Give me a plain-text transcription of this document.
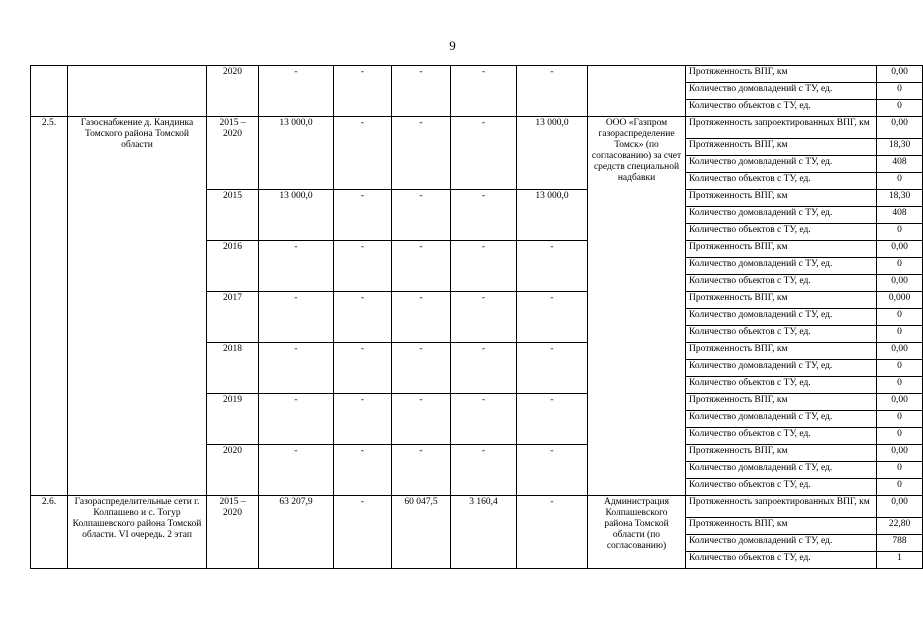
9
		2020	-	-	-	-	-		Протяженность ВПГ, км	0,00
									Количество домовладений с ТУ, ед.	0
									Количество объектов с ТУ, ед.	0
2.5.	Газоснабжение д. Кандинка Томского района Томской области	2015 – 2020	13 000,0	-	-	-	13 000,0	ООО «Газпром газораспределение Томск» (по согласованию) за счет средств специальной надбавки	Протяженность запроектированных ВПГ, км	0,00
									Протяженность ВПГ, км	18,30
									Количество домовладений с ТУ, ед.	408
									Количество объектов с ТУ, ед.	0
		2015	13 000,0	-	-	-	13 000,0		Протяженность ВПГ, км	18,30
									Количество домовладений с ТУ, ед.	408
									Количество объектов с ТУ, ед.	0
		2016	-	-	-	-	-		Протяженность ВПГ, км	0,00
									Количество домовладений с ТУ, ед.	0
									Количество объектов с ТУ, ед.	0,00
		2017	-	-	-	-	-		Протяженность ВПГ, км	0,000
									Количество домовладений с ТУ, ед.	0
									Количество объектов с ТУ, ед.	0
		2018	-	-	-	-	-		Протяженность ВПГ, км	0,00
									Количество домовладений с ТУ, ед.	0
									Количество объектов с ТУ, ед.	0
		2019	-	-	-	-	-		Протяженность ВПГ, км	0,00
									Количество домовладений с ТУ, ед.	0
									Количество объектов с ТУ, ед.	0
		2020	-	-	-	-	-		Протяженность ВПГ, км	0,00
									Количество домовладений с ТУ, ед.	0
									Количество объектов с ТУ, ед.	0
2.6.	Газораспределительные сети г. Колпашево и с. Тогур Колпашевского района Томской области. VI очередь. 2 этап	2015 – 2020	63 207,9	-	60 047,5	3 160,4	-	Администрация Колпашевского района Томской области (по согласованию)	Протяженность запроектированных ВПГ, км	0,00
									Протяженность ВПГ, км	22,80
									Количество домовладений с ТУ, ед.	788
									Количество объектов с ТУ, ед.	1
